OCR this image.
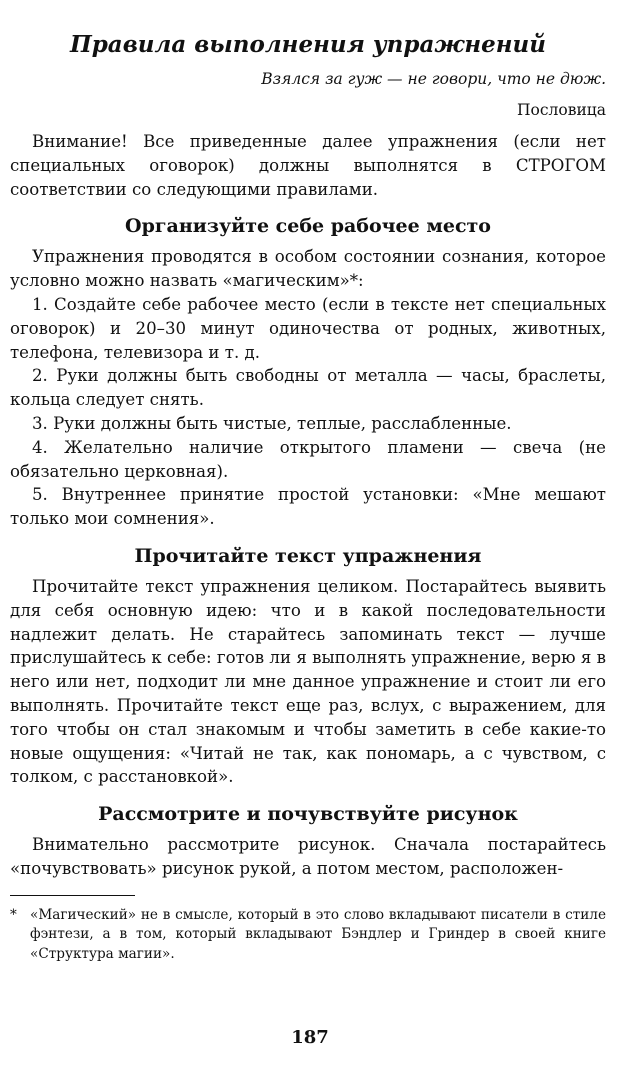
Правила выполнения упражнений
Взялся за гуж — не говори, что не дюж.
Пословица

Внимание! Все приведенные далее упражнения (если нет специальных оговорок) должны выполнятся в СТРОГОМ соответствии со следующими правилами.

Организуйте себе рабочее место

Упражнения проводятся в особом состоянии сознания, которое условно можно назвать «магическим»*:

1. Создайте себе рабочее место (если в тексте нет специальных оговорок) и 20–30 минут одиночества от родных, животных, телефона, телевизора и т. д.

2. Руки должны быть свободны от металла — часы, браслеты, кольца следует снять.

3. Руки должны быть чистые, теплые, расслабленные.

4. Желательно наличие открытого пламени — свеча (не обязательно церковная).

5. Внутреннее принятие простой установки: «Мне мешают только мои сомнения».

Прочитайте текст упражнения

Прочитайте текст упражнения целиком. Постарайтесь выявить для себя основную идею: что и в какой последовательности надлежит делать. Не старайтесь запоминать текст — лучше прислушайтесь к себе: готов ли я выполнять упражнение, верю я в него или нет, подходит ли мне данное упражнение и стоит ли его выполнять. Прочитайте текст еще раз, вслух, с выражением, для того чтобы он стал знакомым и чтобы заметить в себе какие-то новые ощущения: «Читай не так, как пономарь, а с чувством, с толком, с расстановкой».

Рассмотрите и почувствуйте рисунок

Внимательно рассмотрите рисунок. Сначала постарайтесь «почувствовать» рисунок рукой, а потом местом, расположен-

* «Магический» не в смысле, который в это слово вкладывают писатели в стиле фэнтези, а в том, который вкладывают Бэндлер и Гриндер в своей книге «Структура магии».
187
